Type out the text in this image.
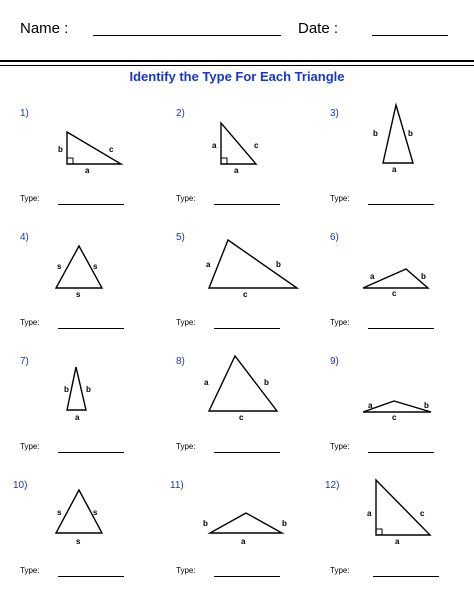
Name :	Date :
Identify the Type For Each Triangle
1)
b	c
a
Type:
2)
a	c
a
Type:
3)
b	b
a
Type:
4)
s	s
s
Type:
5)
a	b
c
Type:
6)
a	b
c
Type:
7)
b b
a
Type:
8)
a	b
c
Type:
9)
a	b
c
Type:
10)
s	s
s
Type:
11)
b	b
a
Type:
12)
a	c
a
Type:
